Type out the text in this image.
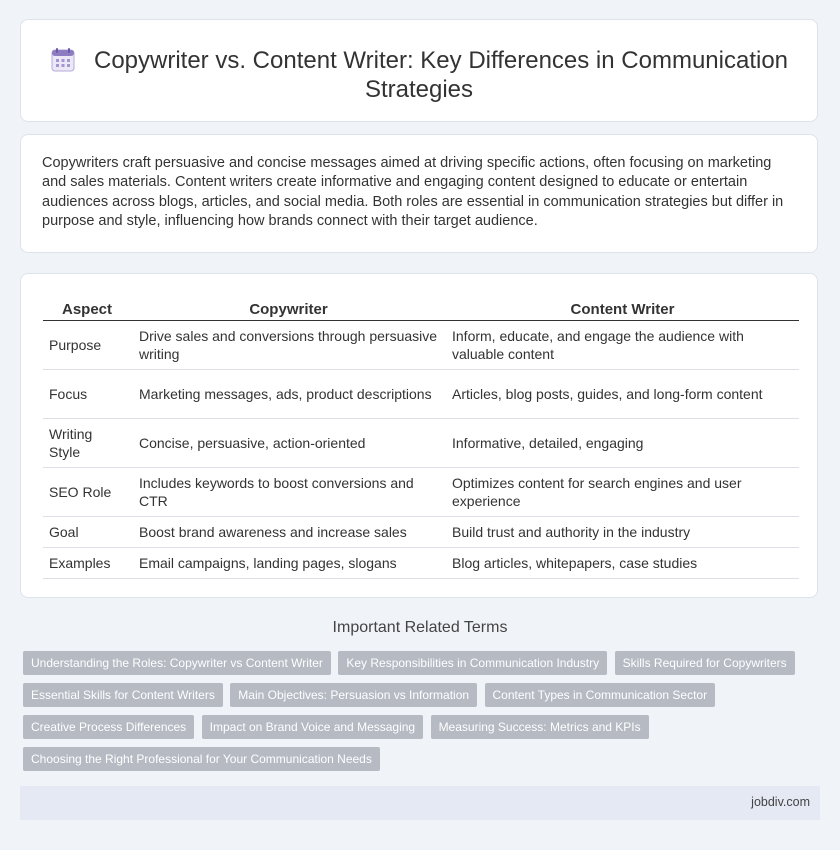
Copywriter vs. Content Writer: Key Differences in Communication Strategies
Copywriters craft persuasive and concise messages aimed at driving specific actions, often focusing on marketing and sales materials. Content writers create informative and engaging content designed to educate or entertain audiences across blogs, articles, and social media. Both roles are essential in communication strategies but differ in purpose and style, influencing how brands connect with their target audience.
Aspect	Copywriter	Content Writer
Purpose	Drive sales and conversions through persuasive writing	Inform, educate, and engage the audience with valuable content
Focus	Marketing messages, ads, product descriptions	Articles, blog posts, guides, and long-form content
Writing Style	Concise, persuasive, action-oriented	Informative, detailed, engaging
SEO Role	Includes keywords to boost conversions and CTR	Optimizes content for search engines and user experience
Goal	Boost brand awareness and increase sales	Build trust and authority in the industry
Examples	Email campaigns, landing pages, slogans	Blog articles, whitepapers, case studies
Important Related Terms
Understanding the Roles: Copywriter vs Content Writer Key Responsibilities in Communication Industry Skills Required for Copywriters Essential Skills for Content Writers Main Objectives: Persuasion vs Information Content Types in Communication Sector Creative Process Differences Impact on Brand Voice and Messaging Measuring Success: Metrics and KPIs Choosing the Right Professional for Your Communication Needs
jobdiv.com
